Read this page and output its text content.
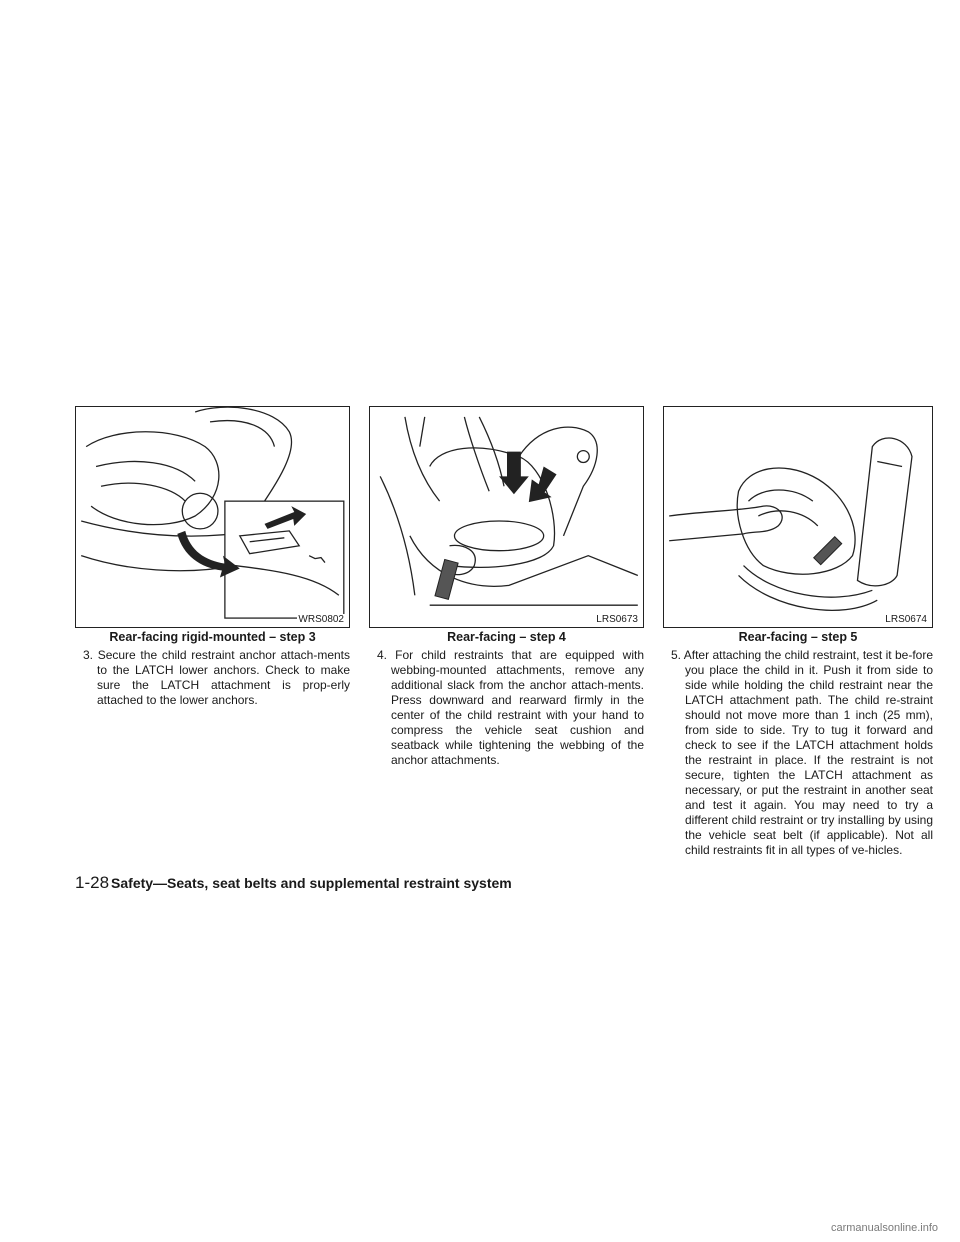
WRS0802
Rear-facing rigid-mounted – step 3

3. Secure the child restraint anchor attach-ments to the LATCH lower anchors. Check to make sure the LATCH attachment is prop-erly attached to the lower anchors.

LRS0673
Rear-facing – step 4

4. For child restraints that are equipped with webbing-mounted attachments, remove any additional slack from the anchor attach-ments. Press downward and rearward firmly in the center of the child restraint with your hand to compress the vehicle seat cushion and seatback while tightening the webbing of the anchor attachments.

LRS0674
Rear-facing – step 5

5. After attaching the child restraint, test it be-fore you place the child in it. Push it from side to side while holding the child restraint near the LATCH attachment path. The child re-straint should not move more than 1 inch (25 mm), from side to side. Try to tug it forward and check to see if the LATCH attachment holds the restraint in place. If the restraint is not secure, tighten the LATCH attachment as necessary, or put the restraint in another seat and test it again. You may need to try a different child restraint or try installing by using the vehicle seat belt (if applicable). Not all child restraints fit in all types of ve-hicles.

1-28 Safety—Seats, seat belts and supplemental restraint system
carmanualsonline.info
